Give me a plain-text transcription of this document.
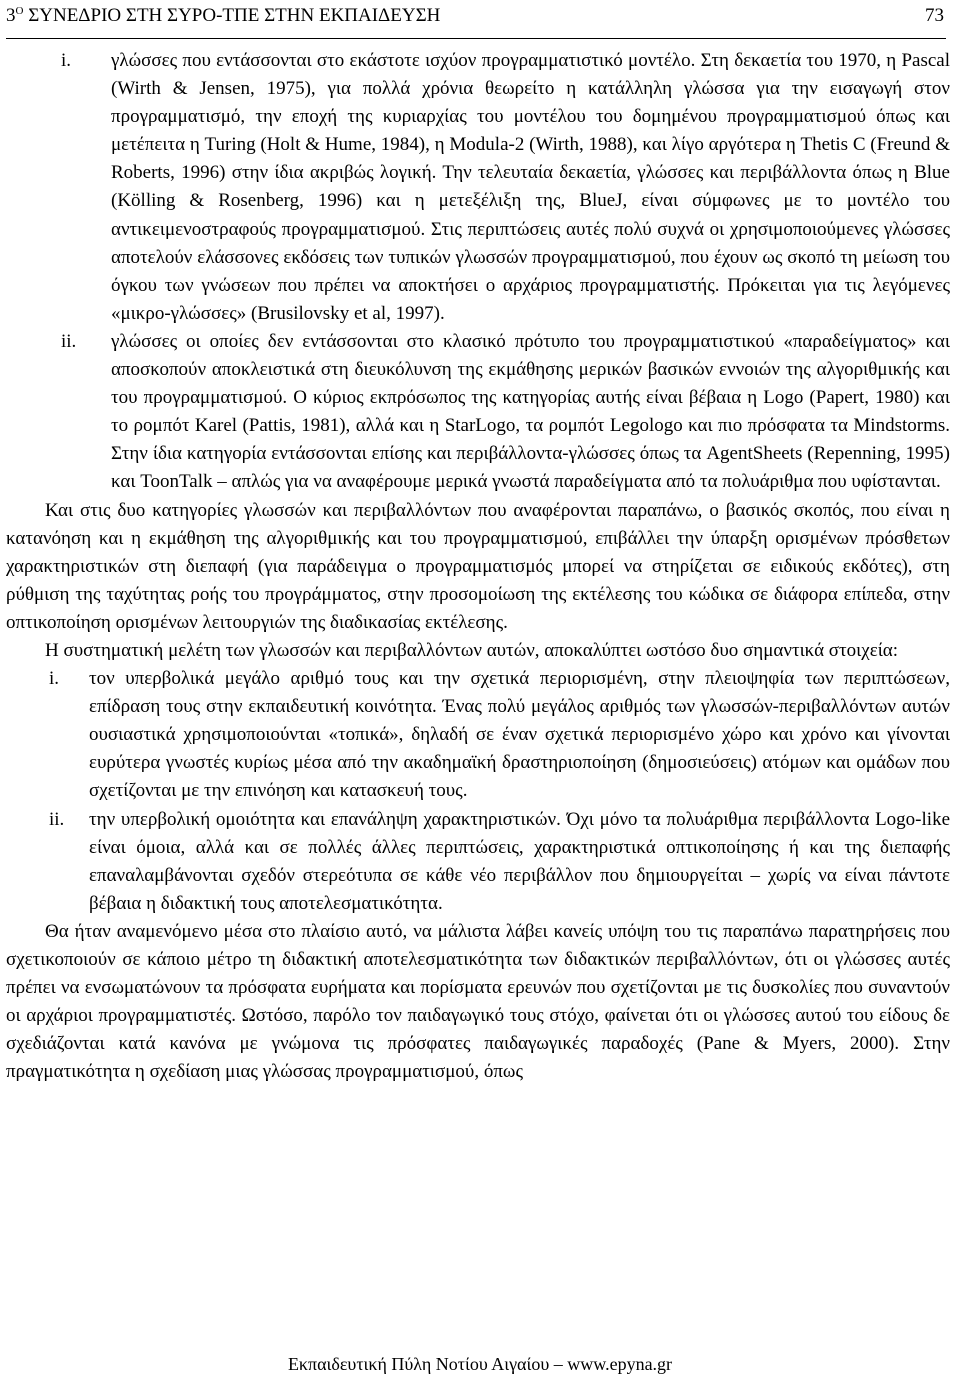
$3^O$ ΣΥΝΕΔΡΙΟ ΣΤΗ ΣΥΡΟ-ΤΠΕ ΣΤΗΝ ΕΚΠΑΙΔΕΥΣΗ	73
i. γλώσσες που εντάσσονται στο εκάστοτε ισχύον προγραμματιστικό μοντέλο. Στη δεκαετία του 1970, η Pascal (Wirth & Jensen, 1975), για πολλά χρόνια θεωρείτο η κατάλληλη γλώσσα για την εισαγωγή στον προγραμματισμό, την εποχή της κυριαρχίας του μοντέλου του δομημένου προγραμματισμού όπως και μετέπειτα η Turing (Holt & Hume, 1984), η Modula-2 (Wirth, 1988), και λίγο αργότερα η Thetis C (Freund & Roberts, 1996) στην ίδια ακριβώς λογική. Την τελευταία δεκαετία, γλώσσες και περιβάλλοντα όπως η Blue (Kölling & Rosenberg, 1996) και η μετεξέλιξη της, BlueJ, είναι σύμφωνες με το μοντέλο του αντικειμενοστραφούς προγραμματισμού. Στις περιπτώσεις αυτές πολύ συχνά οι χρησιμοποιούμενες γλώσσες αποτελούν ελάσσονες εκδόσεις των τυπικών γλωσσών προγραμματισμού, που έχουν ως σκοπό τη μείωση του όγκου των γνώσεων που πρέπει να αποκτήσει ο αρχάριος προγραμματιστής. Πρόκειται για τις λεγόμενες «μικρο-γλώσσες» (Brusilovsky et al, 1997).
ii. γλώσσες οι οποίες δεν εντάσσονται στο κλασικό πρότυπο του προγραμματιστικού «παραδείγματος» και αποσκοπούν αποκλειστικά στη διευκόλυνση της εκμάθησης μερικών βασικών εννοιών της αλγοριθμικής και του προγραμματισμού. Ο κύριος εκπρόσωπος της κατηγορίας αυτής είναι βέβαια η Logo (Papert, 1980) και το ρομπότ Karel (Pattis, 1981), αλλά και η StarLogo, τα ρομπότ Legologo και πιο πρόσφατα τα Mindstorms. Στην ίδια κατηγορία εντάσσονται επίσης και περιβάλλοντα-γλώσσες όπως τα AgentSheets (Repenning, 1995) και ToonTalk – απλώς για να αναφέρουμε μερικά γνωστά παραδείγματα από τα πολυάριθμα που υφίστανται.

Και στις δυο κατηγορίες γλωσσών και περιβαλλόντων που αναφέρονται παραπάνω, ο βασικός σκοπός, που είναι η κατανόηση και η εκμάθηση της αλγοριθμικής και του προγραμματισμού, επιβάλλει την ύπαρξη ορισμένων πρόσθετων χαρακτηριστικών στη διεπαφή (για παράδειγμα ο προγραμματισμός μπορεί να στηρίζεται σε ειδικούς εκδότες), στη ρύθμιση της ταχύτητας ροής του προγράμματος, στην προσομοίωση της εκτέλεσης του κώδικα σε διάφορα επίπεδα, στην οπτικοποίηση ορισμένων λειτουργιών της διαδικασίας εκτέλεσης.

Η συστηματική μελέτη των γλωσσών και περιβαλλόντων αυτών, αποκαλύπτει ωστόσο δυο σημαντικά στοιχεία:

i. τον υπερβολικά μεγάλο αριθμό τους και την σχετικά περιορισμένη, στην πλειοψηφία των περιπτώσεων, επίδραση τους στην εκπαιδευτική κοινότητα. Ένας πολύ μεγάλος αριθμός των γλωσσών-περιβαλλόντων αυτών ουσιαστικά χρησιμοποιούνται «τοπικά», δηλαδή σε έναν σχετικά περιορισμένο χώρο και χρόνο και γίνονται ευρύτερα γνωστές κυρίως μέσα από την ακαδημαϊκή δραστηριοποίηση (δημοσιεύσεις) ατόμων και ομάδων που σχετίζονται με την επινόηση και κατασκευή τους.
ii. την υπερβολική ομοιότητα και επανάληψη χαρακτηριστικών. Όχι μόνο τα πολυάριθμα περιβάλλοντα Logo-like είναι όμοια, αλλά και σε πολλές άλλες περιπτώσεις, χαρακτηριστικά οπτικοποίησης ή και της διεπαφής επαναλαμβάνονται σχεδόν στερεότυπα σε κάθε νέο περιβάλλον που δημιουργείται – χωρίς να είναι πάντοτε βέβαια η διδακτική τους αποτελεσματικότητα.

Θα ήταν αναμενόμενο μέσα στο πλαίσιο αυτό, να μάλιστα λάβει κανείς υπόψη του τις παραπάνω παρατηρήσεις που σχετικοποιούν σε κάποιο μέτρο τη διδακτική αποτελεσματικότητα των διδακτικών περιβαλλόντων, ότι οι γλώσσες αυτές πρέπει να ενσωματώνουν τα πρόσφατα ευρήματα και πορίσματα ερευνών που σχετίζονται με τις δυσκολίες που συναντούν οι αρχάριοι προγραμματιστές. Ωστόσο, παρόλο τον παιδαγωγικό τους στόχο, φαίνεται ότι οι γλώσσες αυτού του είδους δε σχεδιάζονται κατά κανόνα με γνώμονα τις πρόσφατες παιδαγωγικές παραδοχές (Pane & Myers, 2000). Στην πραγματικότητα η σχεδίαση μιας γλώσσας προγραμματισμού, όπως

Εκπαιδευτική Πύλη Νοτίου Αιγαίου – www.epyna.gr
